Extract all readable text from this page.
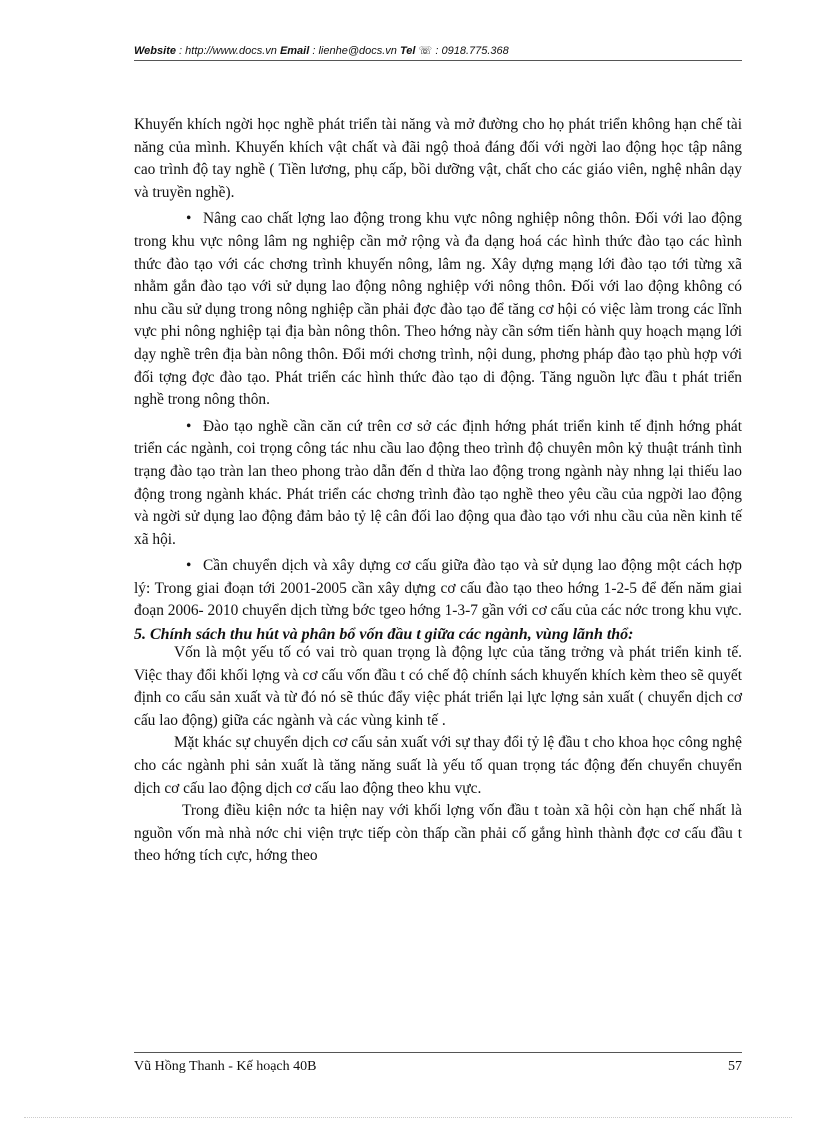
Website : http://www.docs.vn Email : lienhe@docs.vn Tel ☏ : 0918.775.368

Khuyến khích ngời học nghề phát triển tài năng và mở đường cho họ phát triển không hạn chế tài năng của mình. Khuyến khích vật chất và đãi ngộ thoả đáng đối với ngời lao động học tập nâng cao trình độ tay nghề ( Tiền lương, phụ cấp, bồi dưỡng vật, chất cho các giáo viên, nghệ nhân dạy và truyền nghề).

• Nâng cao chất lợng lao động trong khu vực nông nghiệp nông thôn. Đối với lao động trong khu vực nông lâm ng nghiệp cần mở rộng và đa dạng hoá các hình thức đào tạo các hình thức đào tạo với các chơng trình khuyến nông, lâm ng. Xây dựng mạng lới đào tạo tới từng xã nhằm gắn đào tạo với sử dụng lao động nông nghiệp với nông thôn. Đối với lao động không có nhu cầu sử dụng trong nông nghiệp cần phải đợc đào tạo để tăng cơ hội có việc làm trong các lĩnh vực phi nông nghiệp tại địa bàn nông thôn. Theo hớng này cần sớm tiến hành quy hoạch mạng lới dạy nghề trên địa bàn nông thôn. Đổi mới chơng trình, nội dung, phơng pháp đào tạo phù hợp với đối tợng đợc đào tạo. Phát triển các hình thức đào tạo di động. Tăng nguồn lực đầu t phát triển nghề trong nông thôn.

• Đào tạo nghề cần căn cứ trên cơ sở các định hớng phát triển kinh tế định hớng phát triển các ngành, coi trọng công tác nhu cầu lao động theo trình độ chuyên môn kỷ thuật tránh tình trạng đào tạo tràn lan theo phong trào dẫn đến d thừa lao động trong ngành này nhng lại thiếu lao động trong ngành khác. Phát triển các chơng trình đào tạo nghề theo yêu cầu của ngpời lao động và ngời sử dụng lao động đảm bảo tỷ lệ cân đối lao động qua đào tạo với nhu cầu của nền kinh tế xã hội.

• Cần chuyển dịch và xây dựng cơ cấu giữa đào tạo và sử dụng lao động một cách hợp lý: Trong giai đoạn tới 2001-2005 cần xây dựng cơ cấu đào tạo theo hớng 1-2-5 để đến năm giai đoạn 2006- 2010 chuyển dịch từng bớc tgeo hớng 1-3-7 gần với cơ cấu của các nớc trong khu vực.

5. Chính sách thu hút và phân bổ vốn đầu t giữa các ngành, vùng lãnh thổ:

Vốn là một yếu tố có vai trò quan trọng là động lực của tăng trởng và phát triển kinh tế. Việc thay đổi khối lợng và cơ cấu vốn đầu t có chế độ chính sách khuyến khích kèm theo sẽ quyết định co cấu sản xuất và từ đó nó sẽ thúc đẩy việc phát triển lại lực lợng sản xuất ( chuyển dịch cơ cấu lao động) giữa các ngành và các vùng kinh tế .

Mặt khác sự chuyển dịch cơ cấu sản xuất với sự thay đổi tỷ lệ đầu t cho khoa học công nghệ cho các ngành phi sản xuất là tăng năng suất là yếu tố quan trọng tác động đến chuyển chuyển dịch cơ cấu lao động dịch cơ cấu lao động theo khu vực.

Trong điều kiện nớc ta hiện nay với khối lợng vốn đầu t toàn xã hội còn hạn chế nhất là nguồn vốn mà nhà nớc chi viện trực tiếp còn thấp cần phải cố gắng hình thành đợc cơ cấu đầu t theo hớng tích cực, hớng theo

Vũ Hồng Thanh - Kế hoạch 40B	57
